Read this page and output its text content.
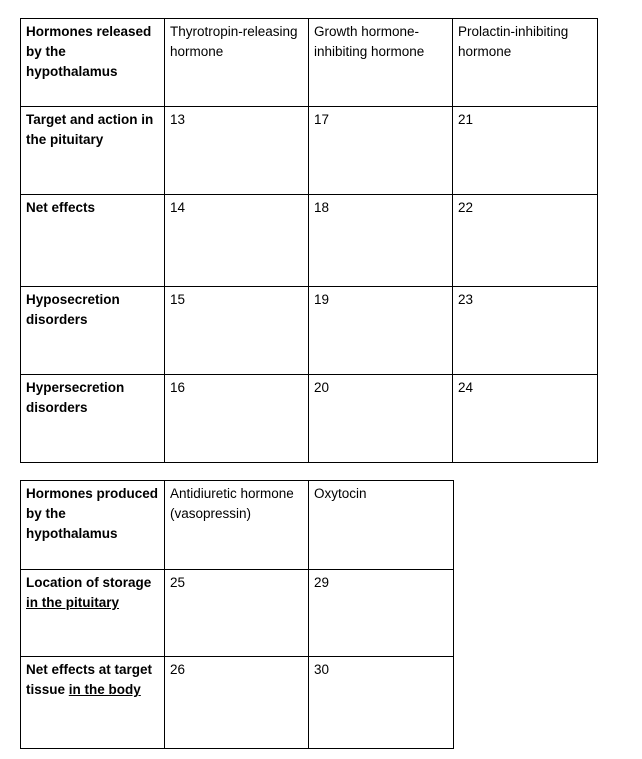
Hormones released by the hypothalamus	Thyrotropin-releasing hormone	Growth hormone-inhibiting hormone	Prolactin-inhibiting hormone
Target and action in the pituitary	13	17	21
Net effects	14	18	22
Hyposecretion disorders	15	19	23
Hypersecretion disorders	16	20	24
Hormones produced by the hypothalamus	Antidiuretic hormone (vasopressin)	Oxytocin
Location of storage in the pituitary	25	29
Net effects at target tissue in the body	26	30
